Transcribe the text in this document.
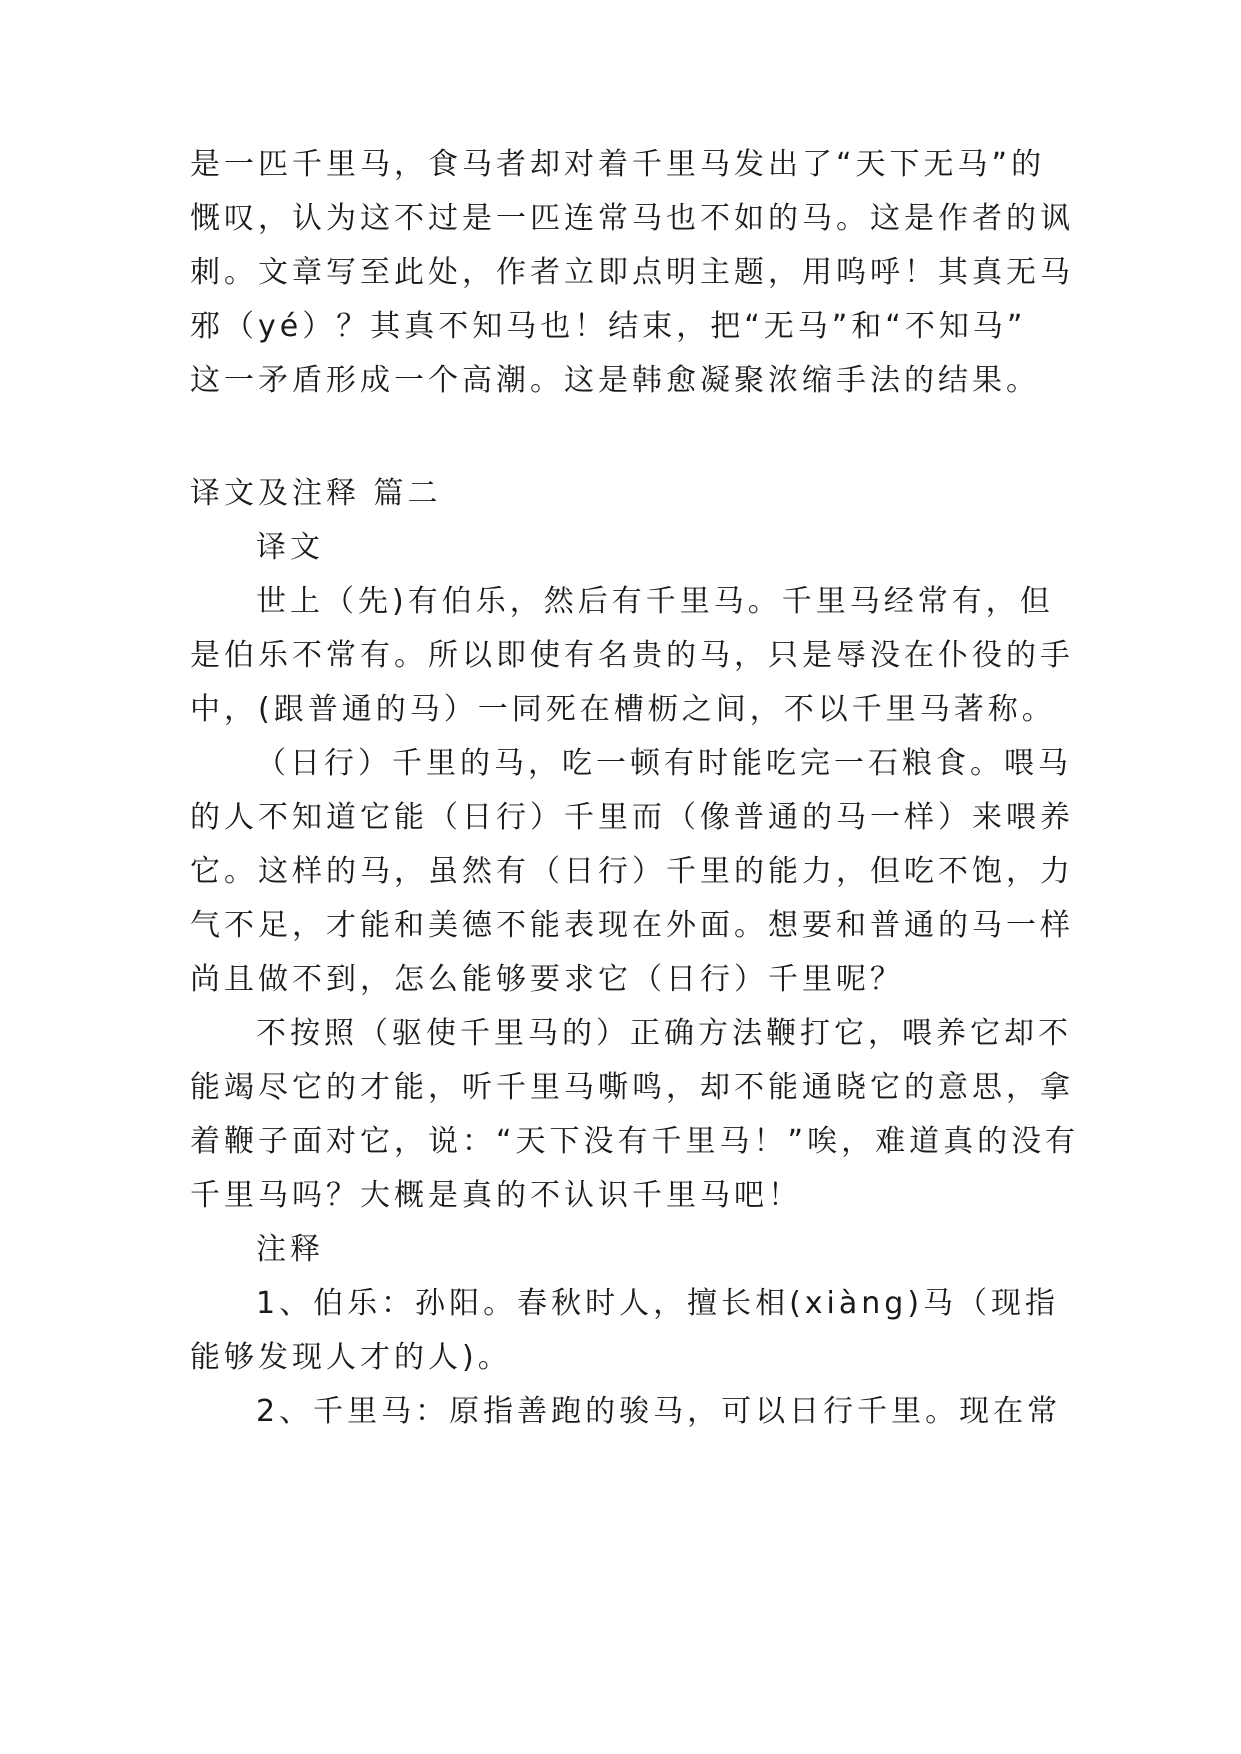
是一匹千里马，食马者却对着千里马发出了“天下无马”的
慨叹，认为这不过是一匹连常马也不如的马。这是作者的讽
刺。文章写至此处，作者立即点明主题，用呜呼！其真无马
邪（yé）？其真不知马也！结束，把“无马”和“不知马”
这一矛盾形成一个高潮。这是韩愈凝聚浓缩手法的结果。
译文及注释 篇二
译文
世上（先)有伯乐，然后有千里马。千里马经常有，但
是伯乐不常有。所以即使有名贵的马，只是辱没在仆役的手
中，(跟普通的马）一同死在槽枥之间，不以千里马著称。
（日行）千里的马，吃一顿有时能吃完一石粮食。喂马
的人不知道它能（日行）千里而（像普通的马一样）来喂养
它。这样的马，虽然有（日行）千里的能力，但吃不饱，力
气不足，才能和美德不能表现在外面。想要和普通的马一样
尚且做不到，怎么能够要求它（日行）千里呢？
不按照（驱使千里马的）正确方法鞭打它，喂养它却不
能竭尽它的才能，听千里马嘶鸣，却不能通晓它的意思，拿
着鞭子面对它，说：“天下没有千里马！”唉，难道真的没有
千里马吗？大概是真的不认识千里马吧！
注释
1、伯乐：孙阳。春秋时人，擅长相(xiàng)马（现指
能够发现人才的人)。
2、千里马：原指善跑的骏马，可以日行千里。现在常
